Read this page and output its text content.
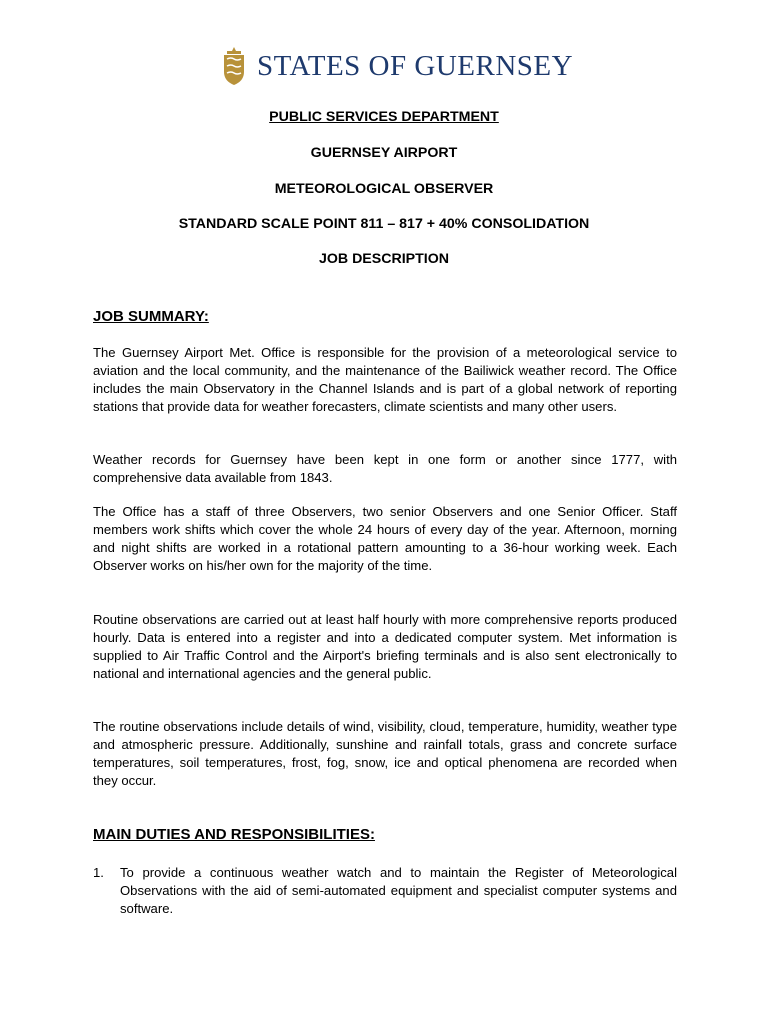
STATES OF GUERNSEY
PUBLIC SERVICES DEPARTMENT
GUERNSEY AIRPORT
METEOROLOGICAL OBSERVER
STANDARD SCALE POINT 811 – 817 + 40% CONSOLIDATION
JOB DESCRIPTION
JOB SUMMARY:

The Guernsey Airport Met. Office is responsible for the provision of a meteorological service to aviation and the local community, and the maintenance of the Bailiwick weather record. The Office includes the main Observatory in the Channel Islands and is part of a global network of reporting stations that provide data for weather forecasters, climate scientists and many other users.

Weather records for Guernsey have been kept in one form or another since 1777, with comprehensive data available from 1843.

The Office has a staff of three Observers, two senior Observers and one Senior Officer. Staff members work shifts which cover the whole 24 hours of every day of the year. Afternoon, morning and night shifts are worked in a rotational pattern amounting to a 36-hour working week. Each Observer works on his/her own for the majority of the time.

Routine observations are carried out at least half hourly with more comprehensive reports produced hourly. Data is entered into a register and into a dedicated computer system. Met information is supplied to Air Traffic Control and the Airport's briefing terminals and is also sent electronically to national and international agencies and the general public.

The routine observations include details of wind, visibility, cloud, temperature, humidity, weather type and atmospheric pressure. Additionally, sunshine and rainfall totals, grass and concrete surface temperatures, soil temperatures, frost, fog, snow, ice and optical phenomena are recorded when they occur.

MAIN DUTIES AND RESPONSIBILITIES:
1. To provide a continuous weather watch and to maintain the Register of Meteorological Observations with the aid of semi-automated equipment and specialist computer systems and software.
